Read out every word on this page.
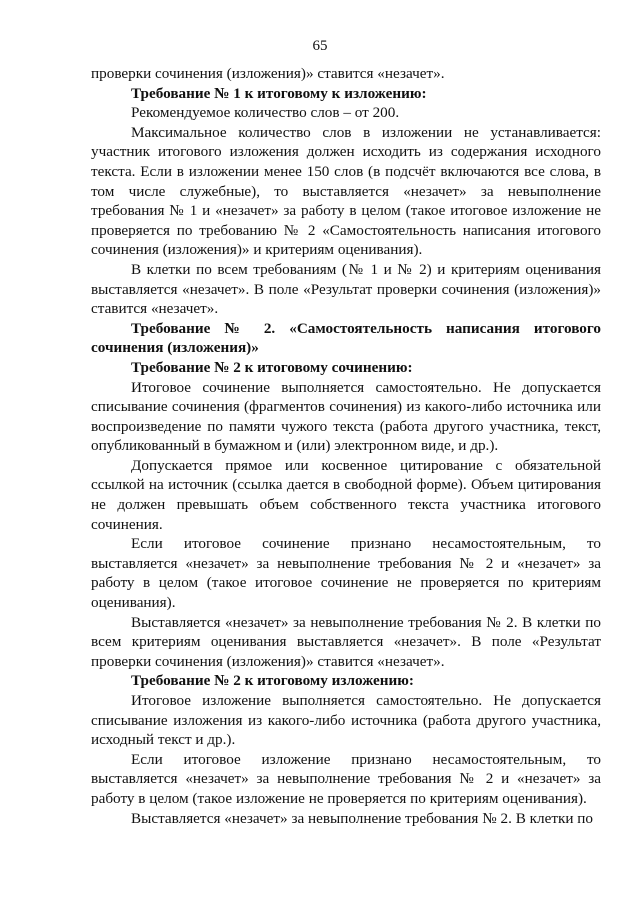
65

проверки сочинения (изложения)» ставится «незачет».

Требование № 1 к итоговому к изложению:

Рекомендуемое количество слов – от 200.

Максимальное количество слов в изложении не устанавливается: участник итогового изложения должен исходить из содержания исходного текста. Если в изложении менее 150 слов (в подсчёт включаются все слова, в том числе служебные), то выставляется «незачет» за невыполнение требования № 1 и «незачет» за работу в целом (такое итоговое изложение не проверяется по требованию № 2 «Самостоятельность написания итогового сочинения (изложения)» и критериям оценивания).

В клетки по всем требованиям (№ 1 и № 2) и критериям оценивания выставляется «незачет». В поле «Результат проверки сочинения (изложения)» ставится «незачет».

Требование № 2. «Самостоятельность написания итогового сочинения (изложения)»

Требование № 2 к итоговому сочинению:

Итоговое сочинение выполняется самостоятельно. Не допускается списывание сочинения (фрагментов сочинения) из какого-либо источника или воспроизведение по памяти чужого текста (работа другого участника, текст, опубликованный в бумажном и (или) электронном виде, и др.).

Допускается прямое или косвенное цитирование с обязательной ссылкой на источник (ссылка дается в свободной форме). Объем цитирования не должен превышать объем собственного текста участника итогового сочинения.

Если итоговое сочинение признано несамостоятельным, то выставляется «незачет» за невыполнение требования № 2 и «незачет» за работу в целом (такое итоговое сочинение не проверяется по критериям оценивания).

Выставляется «незачет» за невыполнение требования № 2. В клетки по всем критериям оценивания выставляется «незачет». В поле «Результат проверки сочинения (изложения)» ставится «незачет».

Требование № 2 к итоговому изложению:

Итоговое изложение выполняется самостоятельно. Не допускается списывание изложения из какого-либо источника (работа другого участника, исходный текст и др.).

Если итоговое изложение признано несамостоятельным, то выставляется «незачет» за невыполнение требования № 2 и «незачет» за работу в целом (такое изложение не проверяется по критериям оценивания).

Выставляется «незачет» за невыполнение требования № 2. В клетки по
